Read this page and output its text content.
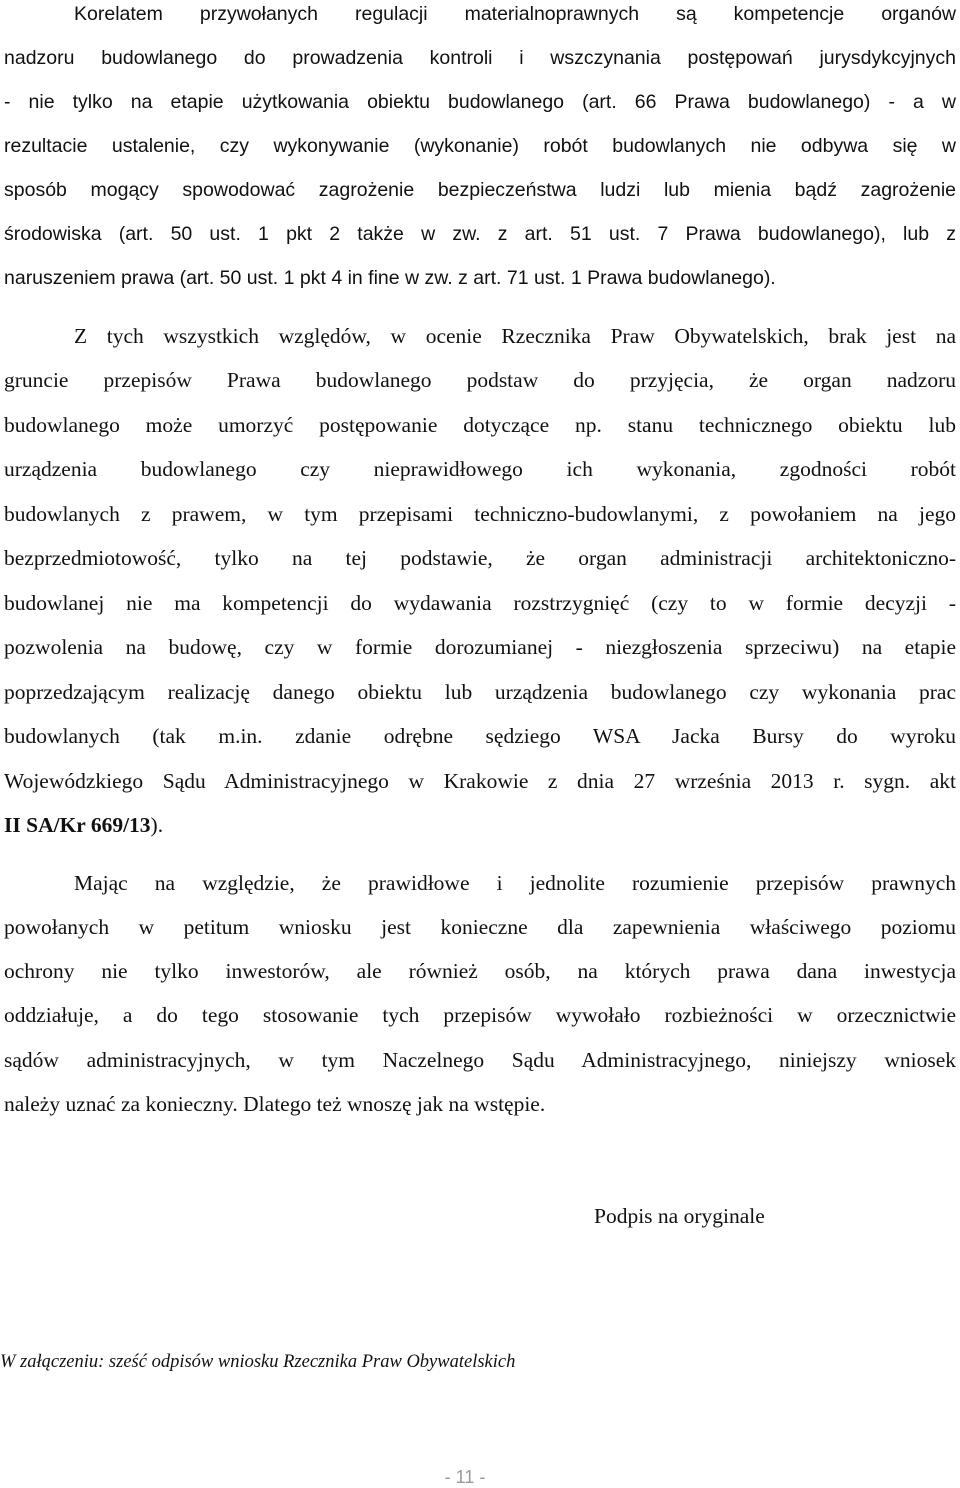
Korelatem przywołanych regulacji materialnoprawnych są kompetencje organów
nadzoru budowlanego do prowadzenia kontroli i wszczynania postępowań jurysdykcyjnych
- nie tylko na etapie użytkowania obiektu budowlanego (art. 66 Prawa budowlanego) - a w
rezultacie ustalenie, czy wykonywanie (wykonanie) robót budowlanych nie odbywa się w
sposób mogący spowodować zagrożenie bezpieczeństwa ludzi lub mienia bądź zagrożenie
środowiska (art. 50 ust. 1 pkt 2 także w zw. z art. 51 ust. 7 Prawa budowlanego), lub z
naruszeniem prawa (art. 50 ust. 1 pkt 4 in fine w zw. z art. 71 ust. 1 Prawa budowlanego).
Z tych wszystkich względów, w ocenie Rzecznika Praw Obywatelskich, brak jest na
gruncie przepisów Prawa budowlanego podstaw do przyjęcia, że organ nadzoru
budowlanego może umorzyć postępowanie dotyczące np. stanu technicznego obiektu lub
urządzenia budowlanego czy nieprawidłowego ich wykonania, zgodności robót
budowlanych z prawem, w tym przepisami techniczno-budowlanymi, z powołaniem na jego
bezprzedmiotowość, tylko na tej podstawie, że organ administracji architektoniczno-
budowlanej nie ma kompetencji do wydawania rozstrzygnięć (czy to w formie decyzji -
pozwolenia na budowę, czy w formie dorozumianej - niezgłoszenia sprzeciwu) na etapie
poprzedzającym realizację danego obiektu lub urządzenia budowlanego czy wykonania prac
budowlanych (tak m.in. zdanie odrębne sędziego WSA Jacka Bursy do wyroku
Wojewódzkiego Sądu Administracyjnego w Krakowie z dnia 27 września 2013 r. sygn. akt
II SA/Kr 669/13).
Mając na względzie, że prawidłowe i jednolite rozumienie przepisów prawnych
powołanych w petitum wniosku jest konieczne dla zapewnienia właściwego poziomu
ochrony nie tylko inwestorów, ale również osób, na których prawa dana inwestycja
oddziałuje, a do tego stosowanie tych przepisów wywołało rozbieżności w orzecznictwie
sądów administracyjnych, w tym Naczelnego Sądu Administracyjnego, niniejszy wniosek
należy uznać za konieczny. Dlatego też wnoszę jak na wstępie.
Podpis na oryginale
W załączeniu: sześć odpisów wniosku Rzecznika Praw Obywatelskich
- 11 -
